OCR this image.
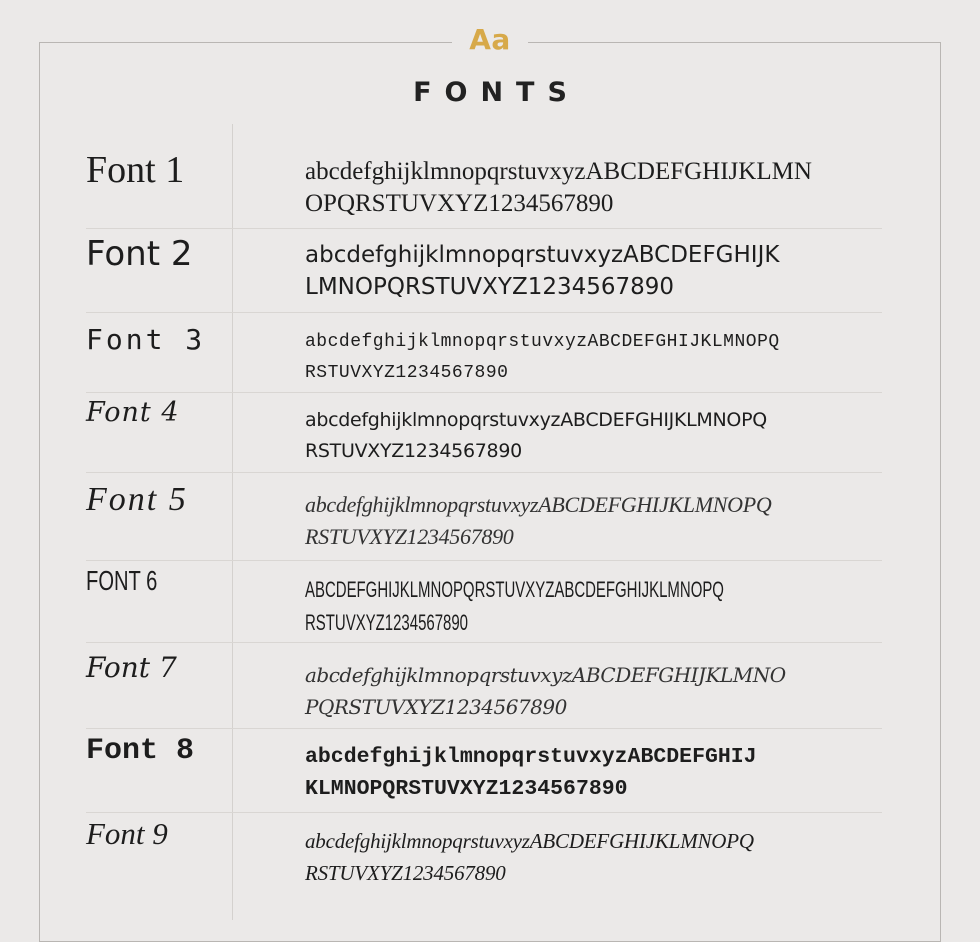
Aa
FONTS
Font 1	abcdefghijklmnopqrstuvxyzABCDEFGHIJKLMN
OPQRSTUVXYZ1234567890
Font 2	abcdefghijklmnopqrstuvxyzABCDEFGHIJK
LMNOPQRSTUVXYZ1234567890
Font 3	abcdefghijklmnopqrstuvxyzABCDEFGHIJKLMNOPQ
RSTUVXYZ1234567890
Font 4	abcdefghijklmnopqrstuvxyzABCDEFGHIJKLMNOPQ
RSTUVXYZ1234567890
Font 5	abcdefghijklmnopqrstuvxyzABCDEFGHIJKLMNOPQ
RSTUVXYZ1234567890
FONT 6	ABCDEFGHIJKLMNOPQRSTUVXYZABCDEFGHIJKLMNOPQ
RSTUVXYZ1234567890
Font 7	abcdefghijklmnopqrstuvxyzABCDEFGHIJKLMNO
PQRSTUVXYZ1234567890
Font 8	abcdefghijklmnopqrstuvxyzABCDEFGHIJ
KLMNOPQRSTUVXYZ1234567890
Font 9	abcdefghijklmnopqrstuvxyzABCDEFGHIJKLMNOPQ
RSTUVXYZ1234567890
